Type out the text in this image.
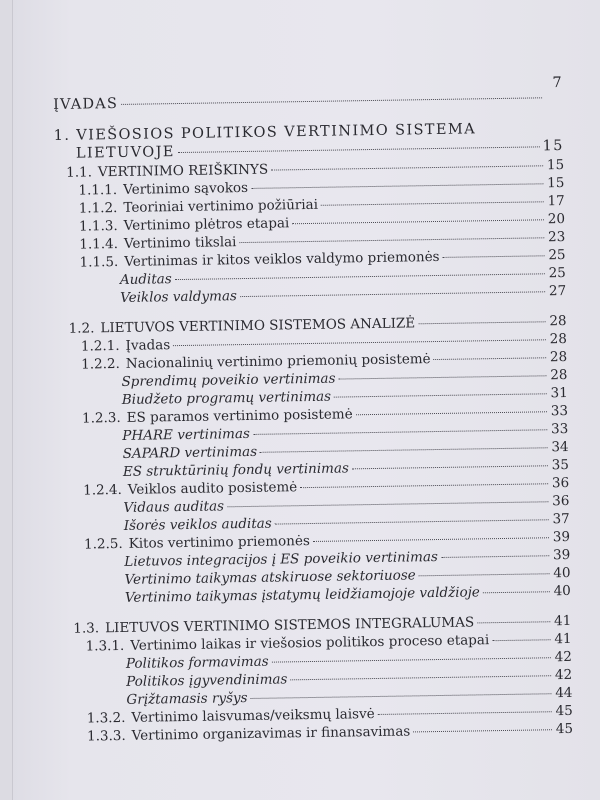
ĮVADAS
7
1. VIEŠOSIOS POLITIKOS VERTINIMO SISTEMA
LIETUVOJE	15
1.1. VERTINIMO REIŠKINYS	15
1.1.1. Vertinimo sąvokos	15
1.1.2. Teoriniai vertinimo požiūriai	17
1.1.3. Vertinimo plėtros etapai	20
1.1.4. Vertinimo tikslai	23
1.1.5. Vertinimas ir kitos veiklos valdymo priemonės	25
Auditas	25
Veiklos valdymas	27
1.2. LIETUVOS VERTINIMO SISTEMOS ANALIZĖ	28
1.2.1. Įvadas	28
1.2.2. Nacionalinių vertinimo priemonių posistemė	28
Sprendimų poveikio vertinimas	28
Biudžeto programų vertinimas	31
1.2.3. ES paramos vertinimo posistemė	33
PHARE vertinimas	33
SAPARD vertinimas	34
ES struktūrinių fondų vertinimas	35
1.2.4. Veiklos audito posistemė	36
Vidaus auditas	36
Išorės veiklos auditas	37
1.2.5. Kitos vertinimo priemonės	39
Lietuvos integracijos į ES poveikio vertinimas	39
Vertinimo taikymas atskiruose sektoriuose	40
Vertinimo taikymas įstatymų leidžiamojoje valdžioje	40
1.3. LIETUVOS VERTINIMO SISTEMOS INTEGRALUMAS	41
1.3.1. Vertinimo laikas ir viešosios politikos proceso etapai	41
Politikos formavimas	42
Politikos įgyvendinimas	42
Grįžtamasis ryšys	44
1.3.2. Vertinimo laisvumas/veiksmų laisvė	45
1.3.3. Vertinimo organizavimas ir finansavimas	45
